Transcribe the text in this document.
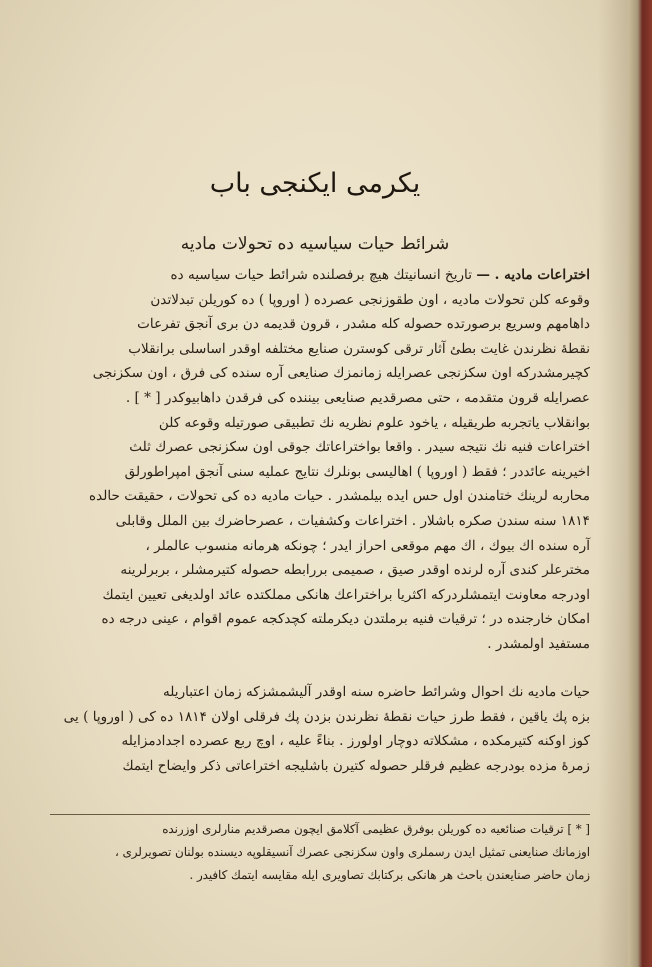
یکرمی ایکنجی باب
شرائط حیات سیاسیه ده تحولات مادیه
اختراعات مادیه . — تاریخ انسانیتك هیچ برفصلنده شرائط حیات سیاسیه ده
وقوعه کلن تحولات مادیه ، اون طقوزنجی عصرده ( اوروپا ) ده کوریلن تبدلاتدن
داهامهم وسریع برصورتده حصوله کله مشدر ، قرون قدیمه دن بری آنجق تفرعات
نقطهٔ نظرندن غایت بطئ آثار ترقی کوسترن صنایع مختلفه اوقدر اساسلی برانقلاب
کچیرمشدرکه اون سکزنجی عصرایله زمانمزك صنایعی آره سنده کی فرق ، اون سکزنجی
عصرایله قرون متقدمه ، حتی مصرقدیم صنایعی بیننده کی فرقدن داهابیوکدر [ * ] .
بوانقلاب یاتجربه طریقیله ، یاخود علوم نظریه نك تطبیقی صورتیله وقوعه کلن
اختراعات فنیه نك نتیجه سیدر . واقعا بواختراعاتك جوقی اون سکزنجی عصرك ثلث
اخیرینه عائددر ؛ فقط ( اوروپا ) اهالیسی بونلرك نتایج عملیه سنی آنجق امپراطورلق
محاربه لرینك ختامندن اول حس ایده بیلمشدر . حیات مادیه ده کی تحولات ، حقیقت حالده
۱۸۱۴ سنه سندن صکره باشلار . اختراعات وکشفیات ، عصرحاضرك بین الملل وقابلی
آره سنده اك بیوك ، اك مهم موقعی احراز ایدر ؛ چونکه هرمانه منسوب عالملر ،
مخترعلر کندی آره لرنده اوقدر صیق ، صمیمی بررابطه حصوله کتیرمشلر ، بربرلرینه
اودرجه معاونت ایتمشلردرکه اکثریا براختراعك هانکی مملکتده عائد اولدیغی تعیین ایتمك
امکان خارجنده در ؛ ترقیات فنیه برملتدن دیکرملته کچدکجه عموم اقوام ، عینی درجه ده
مستفید اولمشدر .
حیات مادیه نك احوال وشرائط حاضره سنه اوقدر آلیشمشزکه زمان اعتباریله
بزه پك یاقین ، فقط طرز حیات نقطهٔ نظرندن بزدن پك فرقلی اولان ۱۸۱۴ ده کی ( اوروپا ) یی
کوز اوکنه کتیرمکده ، مشکلاته دوچار اولورز . بناءً علیه ، اوچ ربع عصرده اجدادمزایله
زمرهٔ مزده بودرجه عظیم فرقلر حصوله کتیرن باشلیجه اختراعاتی ذکر وایضاح ایتمك
[ * ] ترقیات صنائعیه ده کوریلن بوفرق عظیمی آکلامق ایچون مصرقدیم منارلری اوزرنده
اوزمانك صنایعنی تمثیل ایدن رسملری واون سکزنجی عصرك آنسیقلوپه دیسنده بولنان تصویرلری ،
زمان حاضر صنایعندن باحث هر هانکی برکتابك تصاویری ایله مقایسه ایتمك کافیدر .
